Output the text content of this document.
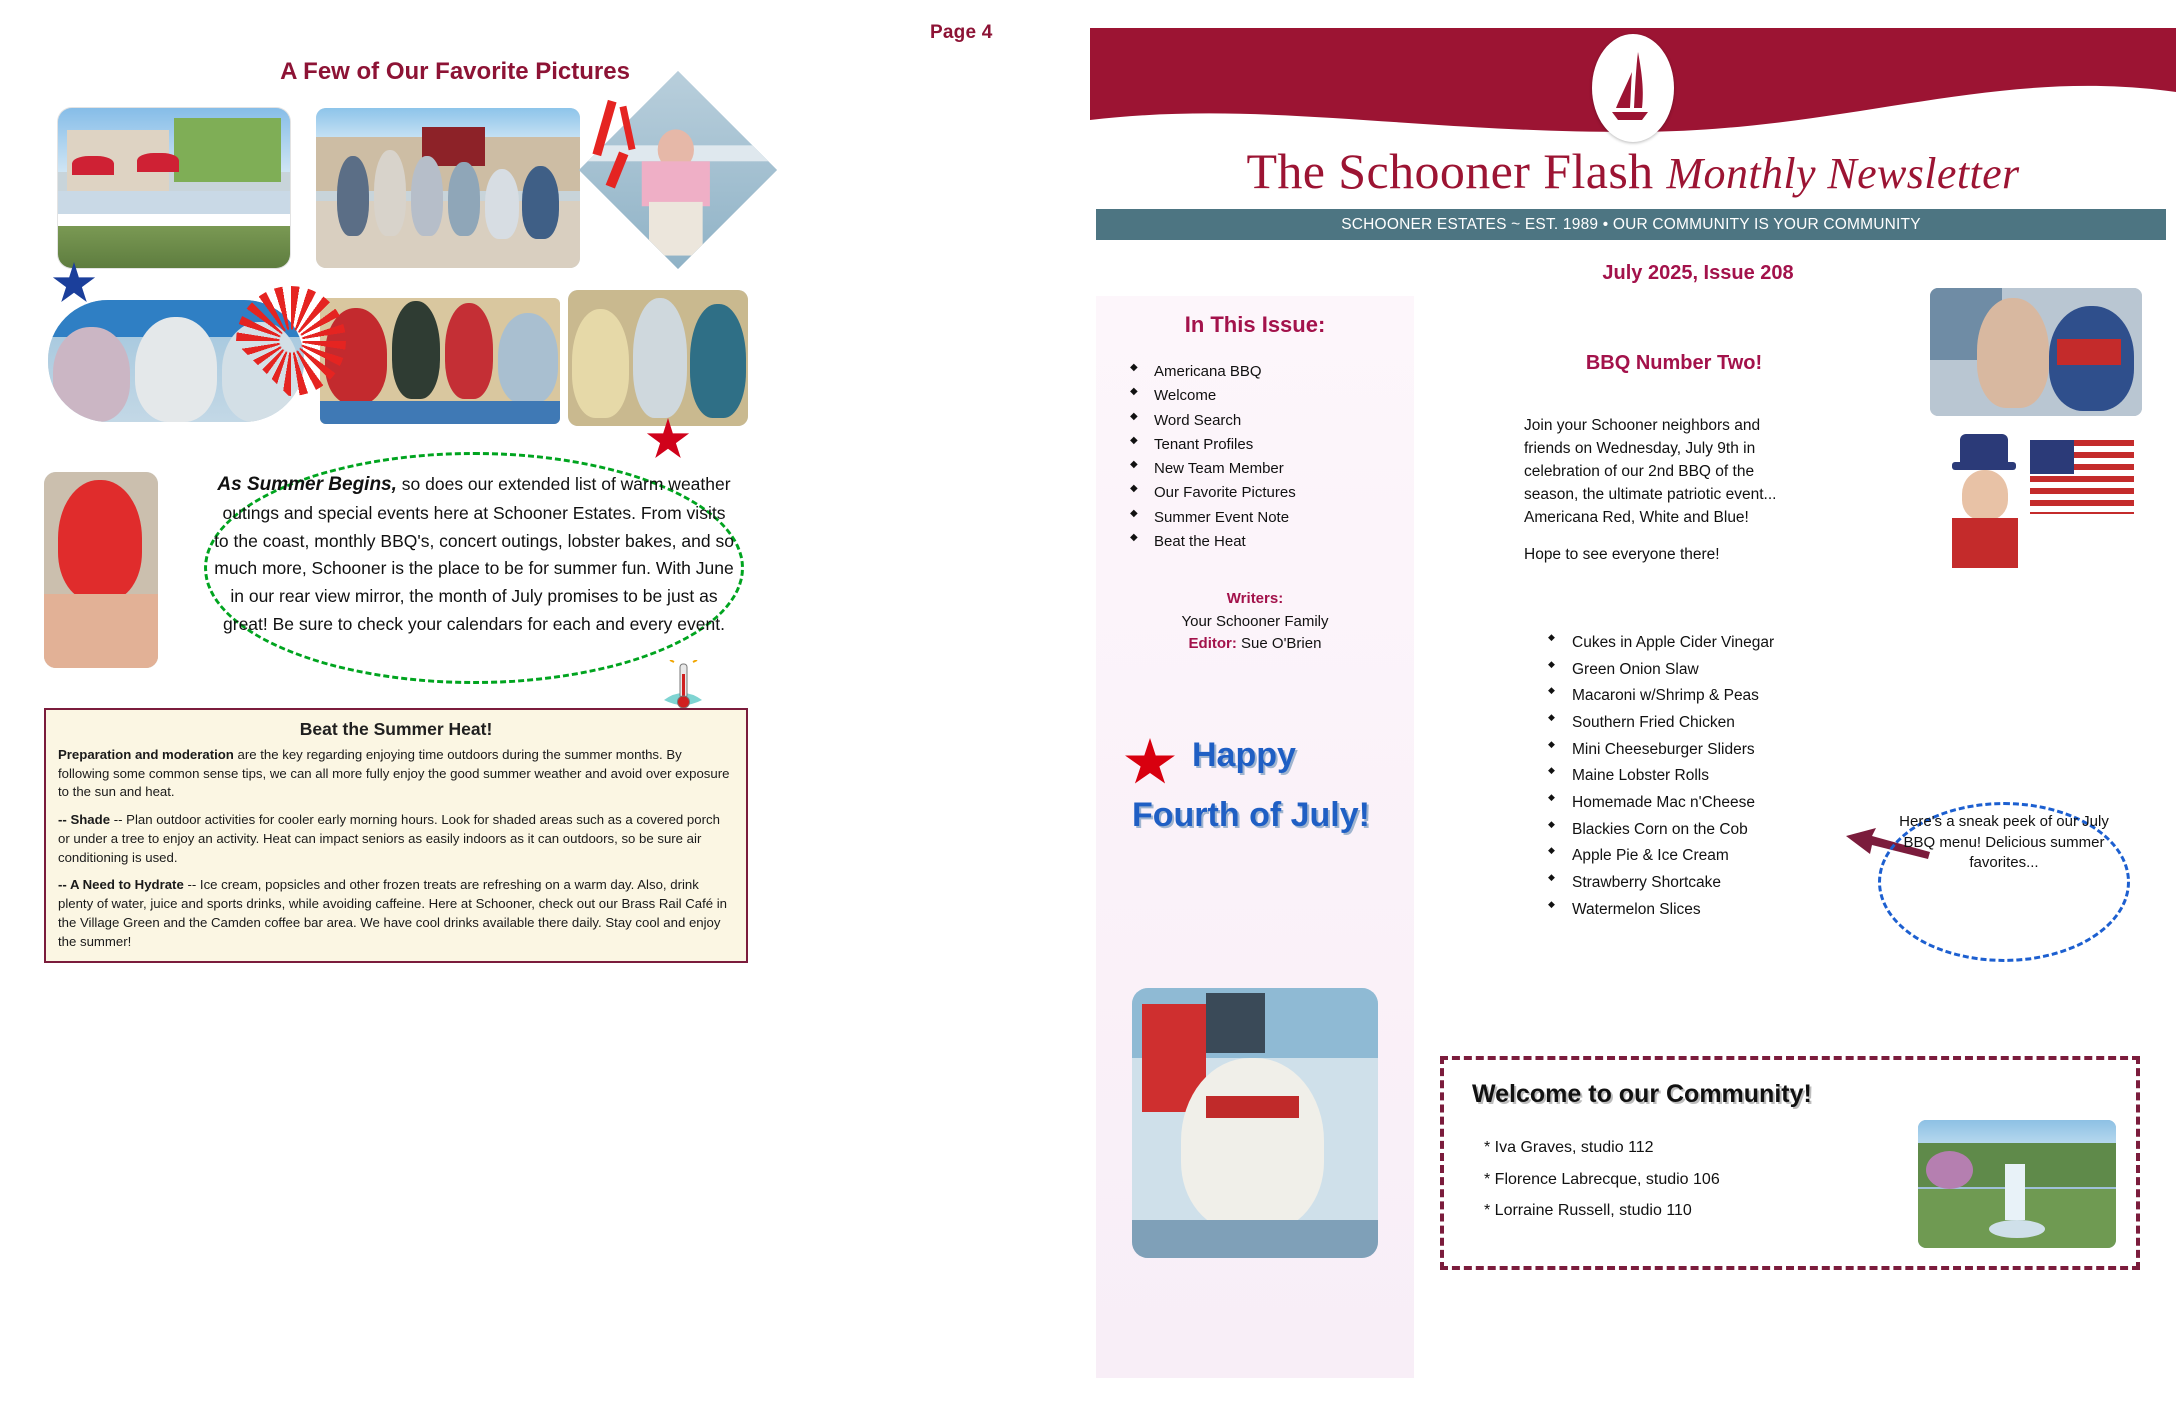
Page 4
A Few of Our Favorite Pictures
As Summer Begins, so does our extended list of warm weather outings and special events here at Schooner Estates. From visits to the coast, monthly BBQ's, concert outings, lobster bakes, and so much more, Schooner is the place to be for summer fun. With June in our rear view mirror, the month of July promises to be just as great! Be sure to check your calendars for each and every event.
Beat the Summer Heat!

Preparation and moderation are the key regarding enjoying time outdoors during the summer months. By following some common sense tips, we can all more fully enjoy the good summer weather and avoid over exposure to the sun and heat.

-- Shade -- Plan outdoor activities for cooler early morning hours. Look for shaded areas such as a covered porch or under a tree to enjoy an activity. Heat can impact seniors as easily indoors as it can outdoors, so be sure air conditioning is used.

-- A Need to Hydrate -- Ice cream, popsicles and other frozen treats are refreshing on a warm day. Also, drink plenty of water, juice and sports drinks, while avoiding caffeine. Here at Schooner, check out our Brass Rail Café in the Village Green and the Camden coffee bar area. We have cool drinks available there daily. Stay cool and enjoy the summer!

The Schooner Flash Monthly Newsletter
SCHOONER ESTATES ~ EST. 1989 • OUR COMMUNITY IS YOUR COMMUNITY
July 2025, Issue 208
In This Issue:
◆ Americana BBQ
◆ Welcome
◆ Word Search
◆ Tenant Profiles
◆ New Team Member
◆ Our Favorite Pictures
◆ Summer Event Note
◆ Beat the Heat
Writers:
Your Schooner Family
Editor: Sue O'Brien
Happy
Fourth of July!
BBQ Number Two!

Join your Schooner neighbors and friends on Wednesday, July 9th in celebration of our 2nd BBQ of the season, the ultimate patriotic event... Americana Red, White and Blue!

Hope to see everyone there!

◆ Cukes in Apple Cider Vinegar
◆ Green Onion Slaw
◆ Macaroni w/Shrimp & Peas
◆ Southern Fried Chicken
◆ Mini Cheeseburger Sliders
◆ Maine Lobster Rolls
◆ Homemade Mac n'Cheese
◆ Blackies Corn on the Cob
◆ Apple Pie & Ice Cream
◆ Strawberry Shortcake
◆ Watermelon Slices
Here's a sneak peek of our July BBQ menu! Delicious summer favorites...
Welcome to our Community!
* Iva Graves, studio 112
* Florence Labrecque, studio 106
* Lorraine Russell, studio 110
